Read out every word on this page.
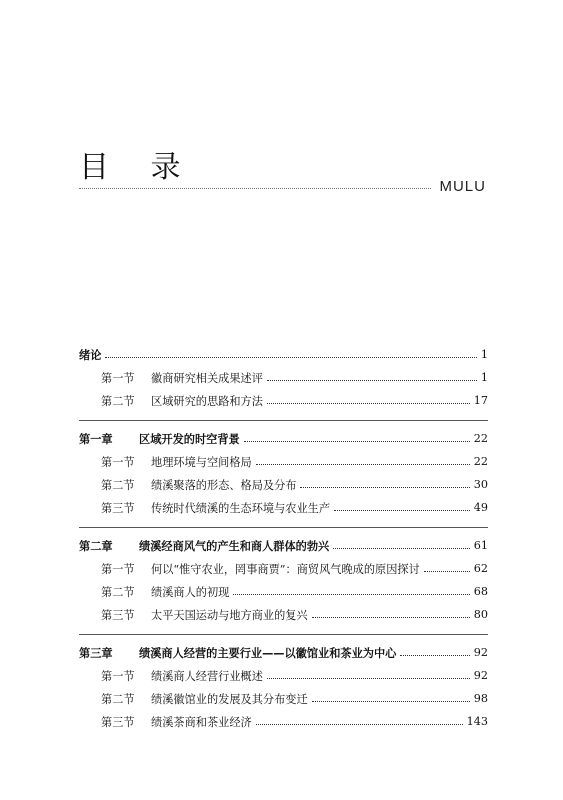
目 录
MULU
绪论	1
第一节 徽商研究相关成果述评	1
第二节 区域研究的思路和方法	17
第一章 区域开发的时空背景	22
第一节 地理环境与空间格局	22
第二节 绩溪聚落的形态、格局及分布	30
第三节 传统时代绩溪的生态环境与农业生产	49
第二章 绩溪经商风气的产生和商人群体的勃兴	61
第一节 何以“惟守农业，罔事商贾”：商贸风气晚成的原因探讨	62
第二节 绩溪商人的初现	68
第三节 太平天国运动与地方商业的复兴	80
第三章 绩溪商人经营的主要行业——以徽馆业和茶业为中心	92
第一节 绩溪商人经营行业概述	92
第二节 绩溪徽馆业的发展及其分布变迁	98
第三节 绩溪茶商和茶业经济	143
